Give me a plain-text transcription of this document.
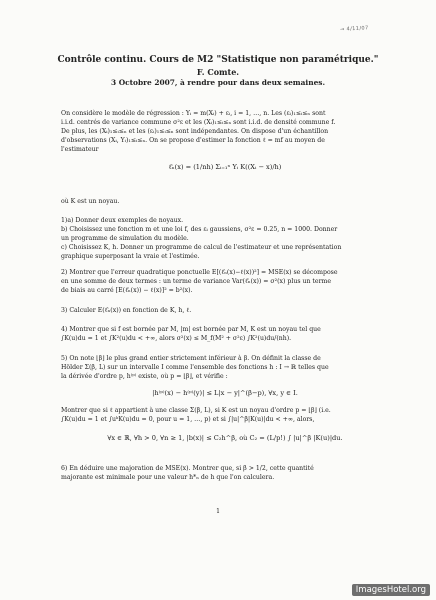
→ 4/11/07
Contrôle continu. Cours de M2 "Statistique non paramétrique."
F. Comte.
3 Octobre 2007, à rendre pour dans deux semaines.
On considère le modèle de régression : Yᵢ = m(Xᵢ) + εᵢ, i = 1, …, n. Les (εᵢ)₁≤ᵢ≤ₙ sont
i.i.d. centrés de variance commune σ²ε et les (Xᵢ)₁≤ᵢ≤ₙ sont i.i.d. de densité commune f.
De plus, les (Xᵢ)₁≤ᵢ≤ₙ et les (εᵢ)₁≤ᵢ≤ₙ sont indépendantes. On dispose d'un échantillon
d'observations (Xᵢ, Yᵢ)₁≤ᵢ≤ₙ. On se propose d'estimer la fonction ℓ = mf au moyen de
l'estimateur
ℓ̂ₙ(x) = (1/nh) Σᵢ₌₁ⁿ Yᵢ K((Xᵢ − x)/h)
où K est un noyau.
1)a) Donner deux exemples de noyaux.
b) Choisissez une fonction m et une loi f, des εᵢ gaussiens, σ²ε = 0.25, n = 1000. Donner
un programme de simulation du modèle.
c) Choisissez K, h. Donner un programme de calcul de l'estimateur et une représentation
graphique superposant la vraie et l'estimée.
2) Montrer que l'erreur quadratique ponctuelle E[(ℓ̂ₙ(x)−ℓ(x))²] = MSE(x) se décompose
en une somme de deux termes : un terme de variance Var(ℓ̂ₙ(x)) = σ²(x) plus un terme
de biais au carré [E(ℓ̂ₙ(x)) − ℓ(x)]² = b²(x).
3) Calculer E(ℓ̂ₙ(x)) en fonction de K, h, ℓ.
4) Montrer que si f est bornée par M, |m| est bornée par M, K est un noyau tel que
∫K(u)du = 1 et ∫K²(u)du < +∞, alors σ²(x) ≤ M_f(M² + σ²ε) ∫K²(u)du/(nh).
5) On note ⌊β⌋ le plus grand entier strictement inférieur à β. On définit la classe de
Hölder Σ(β, L) sur un intervalle I comme l'ensemble des fonctions h : I → ℝ telles que
la dérivée d'ordre p, h⁽ᵖ⁾ existe, où p = ⌊β⌋, et vérifie :
|h⁽ᵖ⁾(x) − h⁽ᵖ⁾(y)| ≤ L|x − y|^(β−p), ∀x, y ∈ I.
Montrer que si ℓ appartient à une classe Σ(β, L), si K est un noyau d'ordre p = ⌊β⌋ (i.e.
∫K(u)du = 1 et ∫uᵏK(u)du = 0, pour u = 1, …, p) et si ∫|u|^β|K(u)|du < +∞, alors,
∀x ∈ ℝ, ∀h > 0, ∀n ≥ 1, |b(x)| ≤ C₂h^β, où C₂ = (L/p!) ∫ |u|^β |K(u)|du.
6) En déduire une majoration de MSE(x). Montrer que, si β > 1/2, cette quantité
majorante est minimale pour une valeur h*ₙ de h que l'on calculera.
1
ImagesHotel.org
